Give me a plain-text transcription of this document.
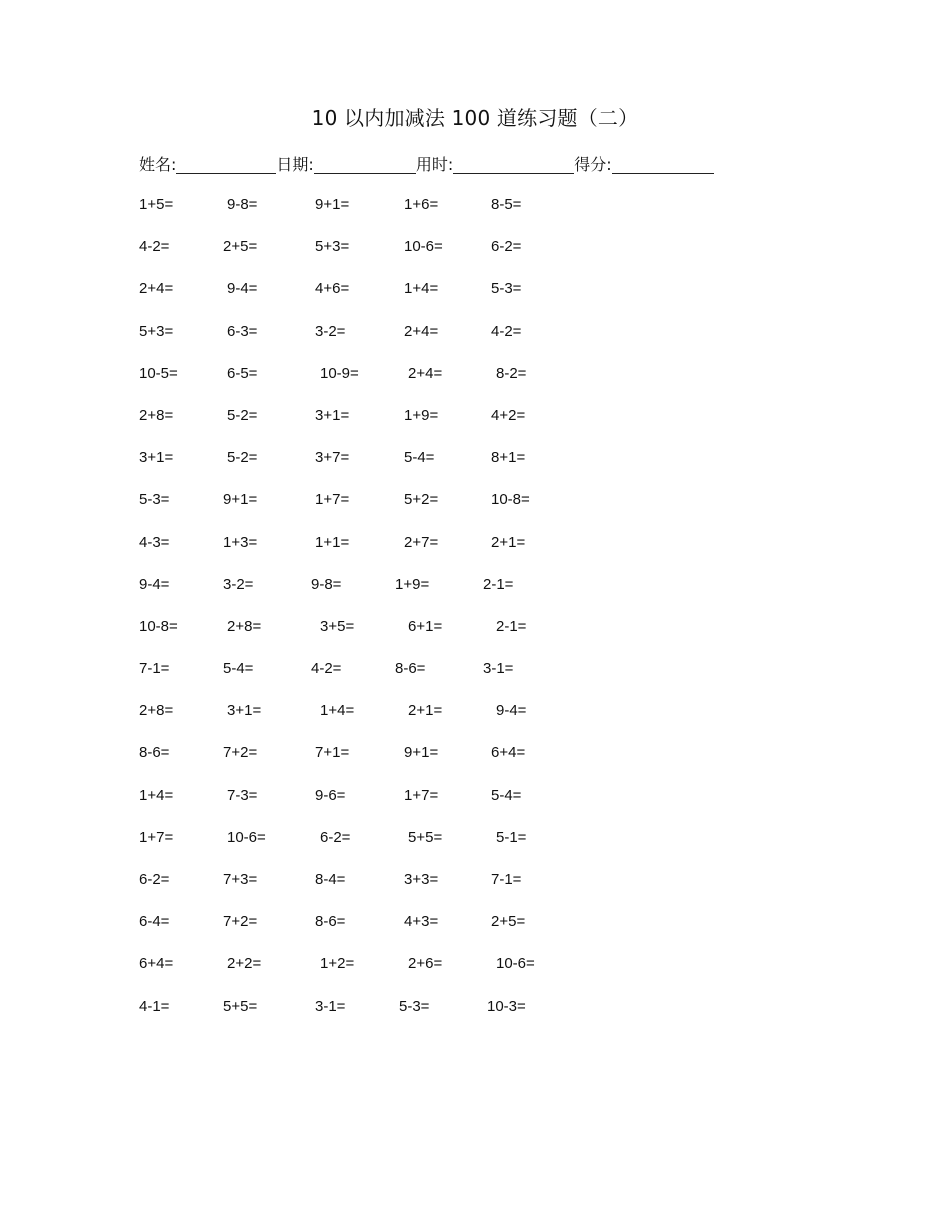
10 以内加减法 100 道练习题（二）
姓名:	日期:	用时:	得分:
1+5=	9-8=	9+1=	1+6=	8-5=
4-2=	2+5=	5+3=	10-6=	6-2=
2+4=	9-4=	4+6=	1+4=	5-3=
5+3=	6-3=	3-2=	2+4=	4-2=
10-5=	6-5=	10-9=	2+4=	8-2=
2+8=	5-2=	3+1=	1+9=	4+2=
3+1=	5-2=	3+7=	5-4=	8+1=
5-3=	9+1=	1+7=	5+2=	10-8=
4-3=	1+3=	1+1=	2+7=	2+1=
9-4=	3-2=	9-8=	1+9=	2-1=
10-8=	2+8=	3+5=	6+1=	2-1=
7-1=	5-4=	4-2=	8-6=	3-1=
2+8=	3+1=	1+4=	2+1=	9-4=
8-6=	7+2=	7+1=	9+1=	6+4=
1+4=	7-3=	9-6=	1+7=	5-4=
1+7=	10-6=	6-2=	5+5=	5-1=
6-2=	7+3=	8-4=	3+3=	7-1=
6-4=	7+2=	8-6=	4+3=	2+5=
6+4=	2+2=	1+2=	2+6=	10-6=
4-1=	5+5=	3-1=	5-3=	10-3=
